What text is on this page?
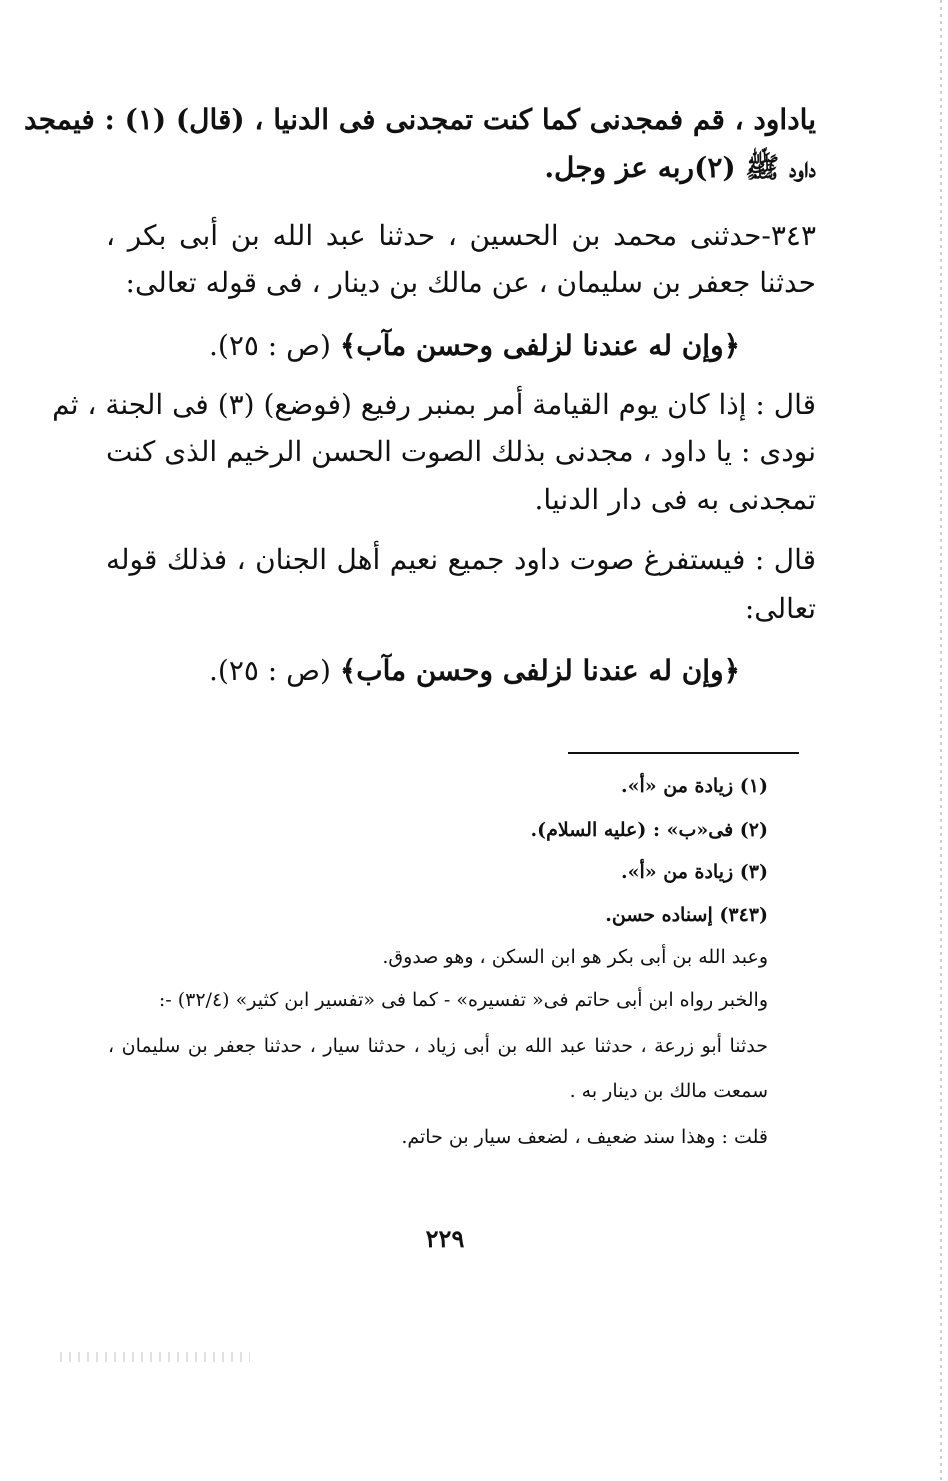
ياداود ، قم فمجدنى كما كنت تمجدنى فى الدنيا ، (قال) (١) : فيمجد
داود ﷺ (٢)ربه عز وجل.
٣٤٣-حدثنى محمد بن الحسين ، حدثنا عبد الله بن أبى بكر ،
حدثنا جعفر بن سليمان ، عن مالك بن دينار ، فى قوله تعالى:
﴿وإن له عندنا لزلفى وحسن مآب﴾ (ص : ٢٥).
قال : إذا كان يوم القيامة أمر بمنبر رفيع (فوضع) (٣) فى الجنة ، ثم
نودى : يا داود ، مجدنى بذلك الصوت الحسن الرخيم الذى كنت
تمجدنى به فى دار الدنيا.
قال : فيستفرغ صوت داود جميع نعيم أهل الجنان ، فذلك قوله
تعالى:
﴿وإن له عندنا لزلفى وحسن مآب﴾ (ص : ٢٥).
(١) زيادة من «أ».
(٢) فى«ب» : (عليه السلام).
(٣) زيادة من «أ».
(٣٤٣) إسناده حسن.
وعبد الله بن أبى بكر هو ابن السكن ، وهو صدوق.
والخبر رواه ابن أبى حاتم فى« تفسيره» - كما فى «تفسير ابن كثير» (٣٢/٤) -:
حدثنا أبو زرعة ، حدثنا عبد الله بن أبى زياد ، حدثنا سيار ، حدثنا جعفر بن سليمان ،
سمعت مالك بن دينار به .
قلت : وهذا سند ضعيف ، لضعف سيار بن حاتم.
٢٢٩
